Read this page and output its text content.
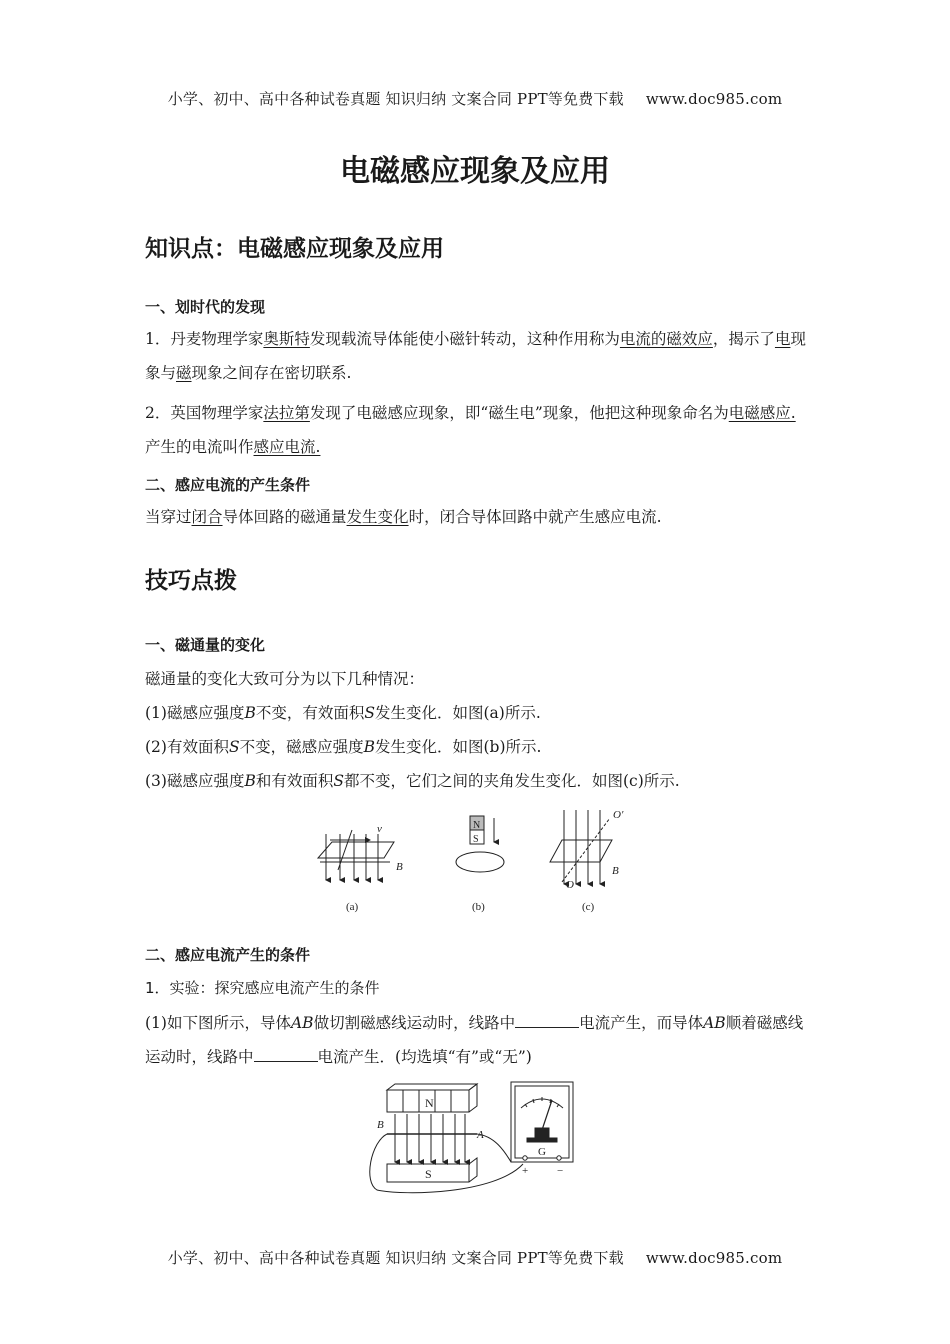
小学、初中、高中各种试卷真题 知识归纳 文案合同 PPT等免费下载 www.doc985.com
电磁感应现象及应用
知识点：电磁感应现象及应用
一、划时代的发现
1．丹麦物理学家奥斯特发现载流导体能使小磁针转动，这种作用称为电流的磁效应，揭示了电现象与磁现象之间存在密切联系.
2．英国物理学家法拉第发现了电磁感应现象，即“磁生电”现象，他把这种现象命名为电磁感应.产生的电流叫作感应电流.
二、感应电流的产生条件
当穿过闭合导体回路的磁通量发生变化时，闭合导体回路中就产生感应电流.
技巧点拨
一、磁通量的变化
磁通量的变化大致可分为以下几种情况：
(1)磁感应强度B不变，有效面积S发生变化．如图(a)所示.
(2)有效面积S不变，磁感应强度B发生变化．如图(b)所示.
(3)磁感应强度B和有效面积S都不变，它们之间的夹角发生变化．如图(c)所示.
v
B
(a)
N
S
(b)
O′
O
B
(c)
二、感应电流产生的条件
1．实验：探究感应电流产生的条件
(1)如下图所示，导体AB做切割磁感线运动时，线路中	电流产生，而导体AB顺着磁感线运动时，线路中	电流产生．(均选填“有”或“无”)
N
S
B
A
G
+	−
小学、初中、高中各种试卷真题 知识归纳 文案合同 PPT等免费下载 www.doc985.com
